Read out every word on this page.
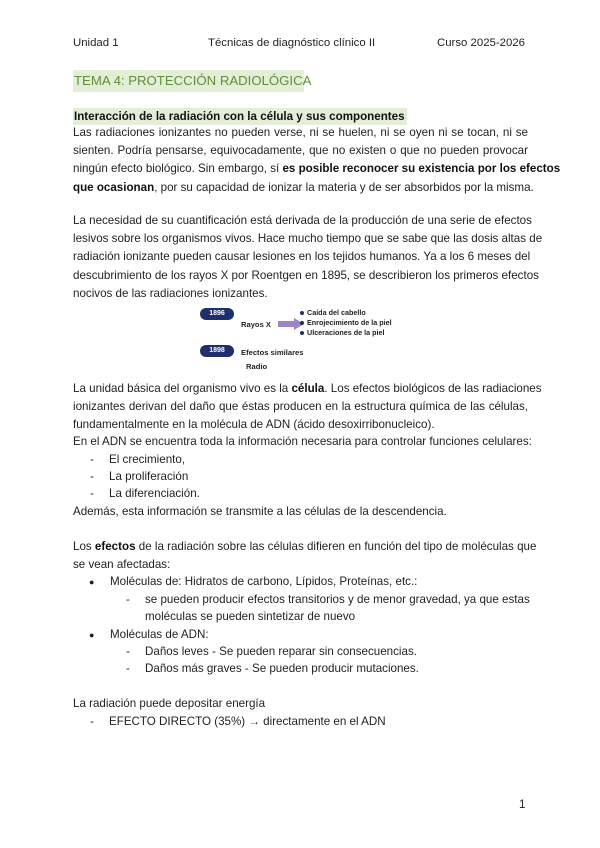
Unidad 1	Técnicas de diagnóstico clínico II	Curso 2025-2026
TEMA 4: PROTECCIÓN RADIOLÓGICA
Interacción de la radiación con la célula y sus componentes
Las radiaciones ionizantes no pueden verse, ni se huelen, ni se oyen ni se tocan, ni se
sienten. Podría pensarse, equivocadamente, que no existen o que no pueden provocar
ningún efecto biológico. Sin embargo, sí es posible reconocer su existencia por los efectos
que ocasionan, por su capacidad de ionizar la materia y de ser absorbidos por la misma.
La necesidad de su cuantificación está derivada de la producción de una serie de efectos
lesivos sobre los organismos vivos. Hace mucho tiempo que se sabe que las dosis altas de
radiación ionizante pueden causar lesiones en los tejidos humanos. Ya a los 6 meses del
descubrimiento de los rayos X por Roentgen en 1895, se describieron los primeros efectos
nocivos de las radiaciones ionizantes.
1896
Rayos X
Caída del cabello
Enrojecimiento de la piel
Ulceraciones de la piel
1898	Efectos similares
Radio
La unidad básica del organismo vivo es la célula. Los efectos biológicos de las radiaciones
ionizantes derivan del daño que éstas producen en la estructura química de las células,
fundamentalmente en la molécula de ADN (ácido desoxirribonucleico).
En el ADN se encuentra toda la información necesaria para controlar funciones celulares:
- El crecimiento,
- La proliferación
- La diferenciación.
Además, esta información se transmite a las células de la descendencia.
Los efectos de la radiación sobre las células difieren en función del tipo de moléculas que
se vean afectadas:
● Moléculas de: Hidratos de carbono, Lípidos, Proteínas, etc.:
- se pueden producir efectos transitorios y de menor gravedad, ya que estas
moléculas se pueden sintetizar de nuevo
● Moléculas de ADN:
- Daños leves - Se pueden reparar sin consecuencias.
- Daños más graves - Se pueden producir mutaciones.
La radiación puede depositar energía
- EFECTO DIRECTO (35%) → directamente en el ADN
1
